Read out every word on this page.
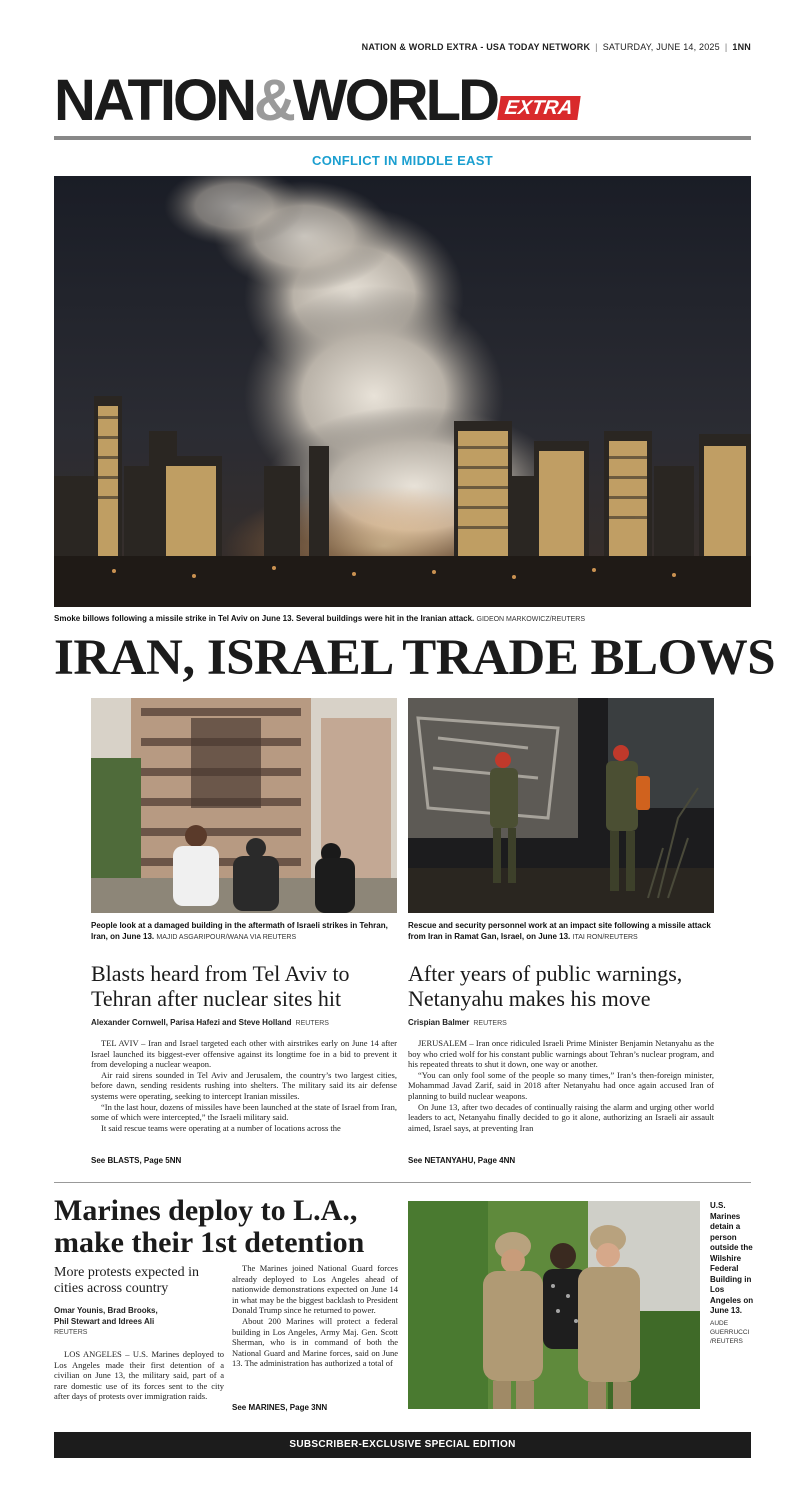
NATION & WORLD EXTRA - USA TODAY NETWORK | SATURDAY, JUNE 14, 2025 | 1NN
NATION&WORLD EXTRA
CONFLICT IN MIDDLE EAST
Smoke billows following a missile strike in Tel Aviv on June 13. Several buildings were hit in the Iranian attack. GIDEON MARKOWICZ/REUTERS
IRAN, ISRAEL TRADE BLOWS
People look at a damaged building in the aftermath of Israeli strikes in Tehran, Iran, on June 13. MAJID ASGARIPOUR/WANA VIA REUTERS
Rescue and security personnel work at an impact site following a missile attack from Iran in Ramat Gan, Israel, on June 13. ITAI RON/REUTERS
Blasts heard from Tel Aviv to Tehran after nuclear sites hit
Alexander Cornwell, Parisa Hafezi and Steve Holland REUTERS

TEL AVIV – Iran and Israel targeted each other with airstrikes early on June 14 after Israel launched its biggest-ever offensive against its longtime foe in a bid to prevent it from developing a nuclear weapon.

Air raid sirens sounded in Tel Aviv and Jerusalem, the country’s two largest cities, before dawn, sending residents rushing into shelters. The military said its air defense systems were operating, seeking to intercept Iranian missiles.

“In the last hour, dozens of missiles have been launched at the state of Israel from Iran, some of which were intercepted,” the Israeli military said.

It said rescue teams were operating at a number of locations across the

See BLASTS, Page 5NN
After years of public warnings, Netanyahu makes his move
Crispian Balmer REUTERS

JERUSALEM – Iran once ridiculed Israeli Prime Minister Benjamin Netanyahu as the boy who cried wolf for his constant public warnings about Tehran’s nuclear program, and his repeated threats to shut it down, one way or another.

“You can only fool some of the people so many times,” Iran’s then-foreign minister, Mohammad Javad Zarif, said in 2018 after Netanyahu had once again accused Iran of planning to build nuclear weapons.

On June 13, after two decades of continually raising the alarm and urging other world leaders to act, Netanyahu finally decided to go it alone, authorizing an Israeli air assault aimed, Israel says, at preventing Iran

See NETANYAHU, Page 4NN
Marines deploy to L.A., make their 1st detention
More protests expected in cities across country
Omar Younis, Brad Brooks,
Phil Stewart and Idrees Ali
REUTERS

LOS ANGELES – U.S. Marines deployed to Los Angeles made their first detention of a civilian on June 13, the military said, part of a rare domestic use of its forces sent to the city after days of protests over immigration raids.

The Marines joined National Guard forces already deployed to Los Angeles ahead of nationwide demonstrations expected on June 14 in what may be the biggest backlash to President Donald Trump since he returned to power.

About 200 Marines will protect a federal building in Los Angeles, Army Maj. Gen. Scott Sherman, who is in command of both the National Guard and Marine forces, said on June 13. The administration has authorized a total of

See MARINES, Page 3NN
U.S. Marines detain a person outside the Wilshire Federal Building in Los Angeles on June 13.
AUDE GUERRUCCI /REUTERS
SUBSCRIBER-EXCLUSIVE SPECIAL EDITION
